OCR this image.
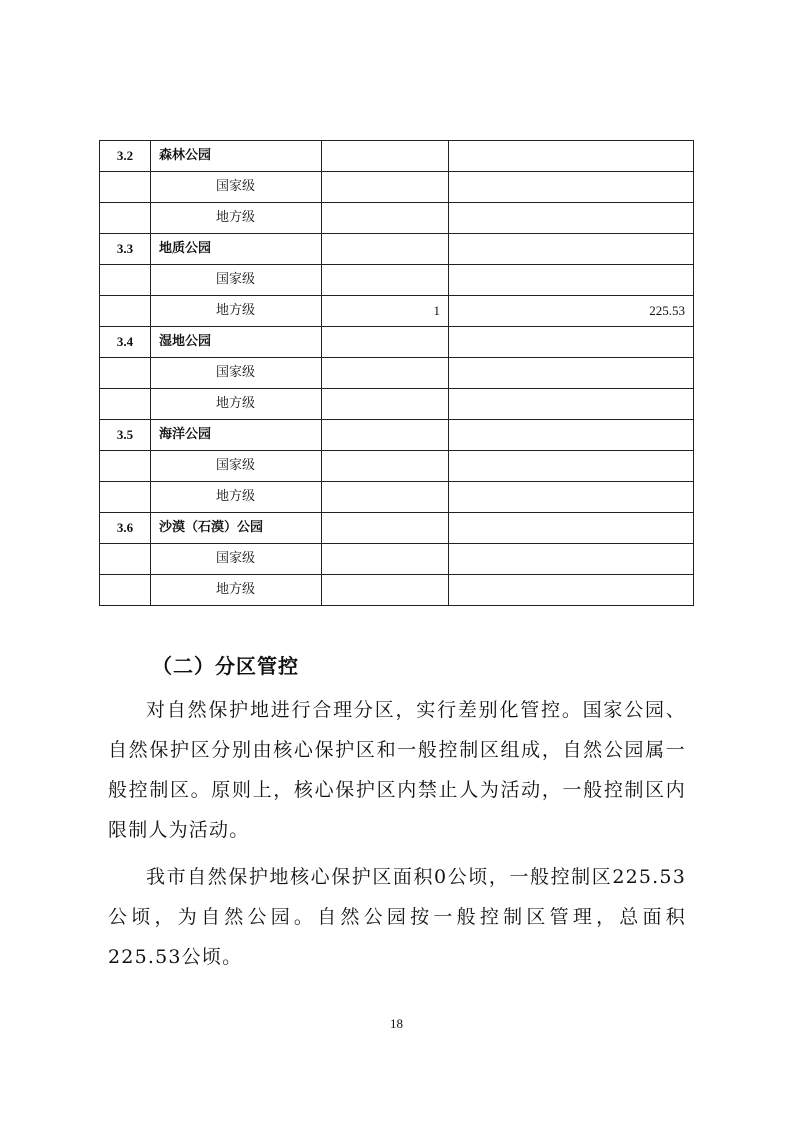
3.2	森林公园		
	国家级		
	地方级		
3.3	地质公园		
	国家级		
	地方级	1	225.53
3.4	湿地公园		
	国家级		
	地方级		
3.5	海洋公园		
	国家级		
	地方级		
3.6	沙漠（石漠）公园		
	国家级		
	地方级		
（二）分区管控

对自然保护地进行合理分区，实行差别化管控。国家公园、自然保护区分别由核心保护区和一般控制区组成，自然公园属一般控制区。原则上，核心保护区内禁止人为活动，一般控制区内限制人为活动。

我市自然保护地核心保护区面积0公顷，一般控制区225.53公顷，为自然公园。自然公园按一般控制区管理，总面积225.53公顷。

18
